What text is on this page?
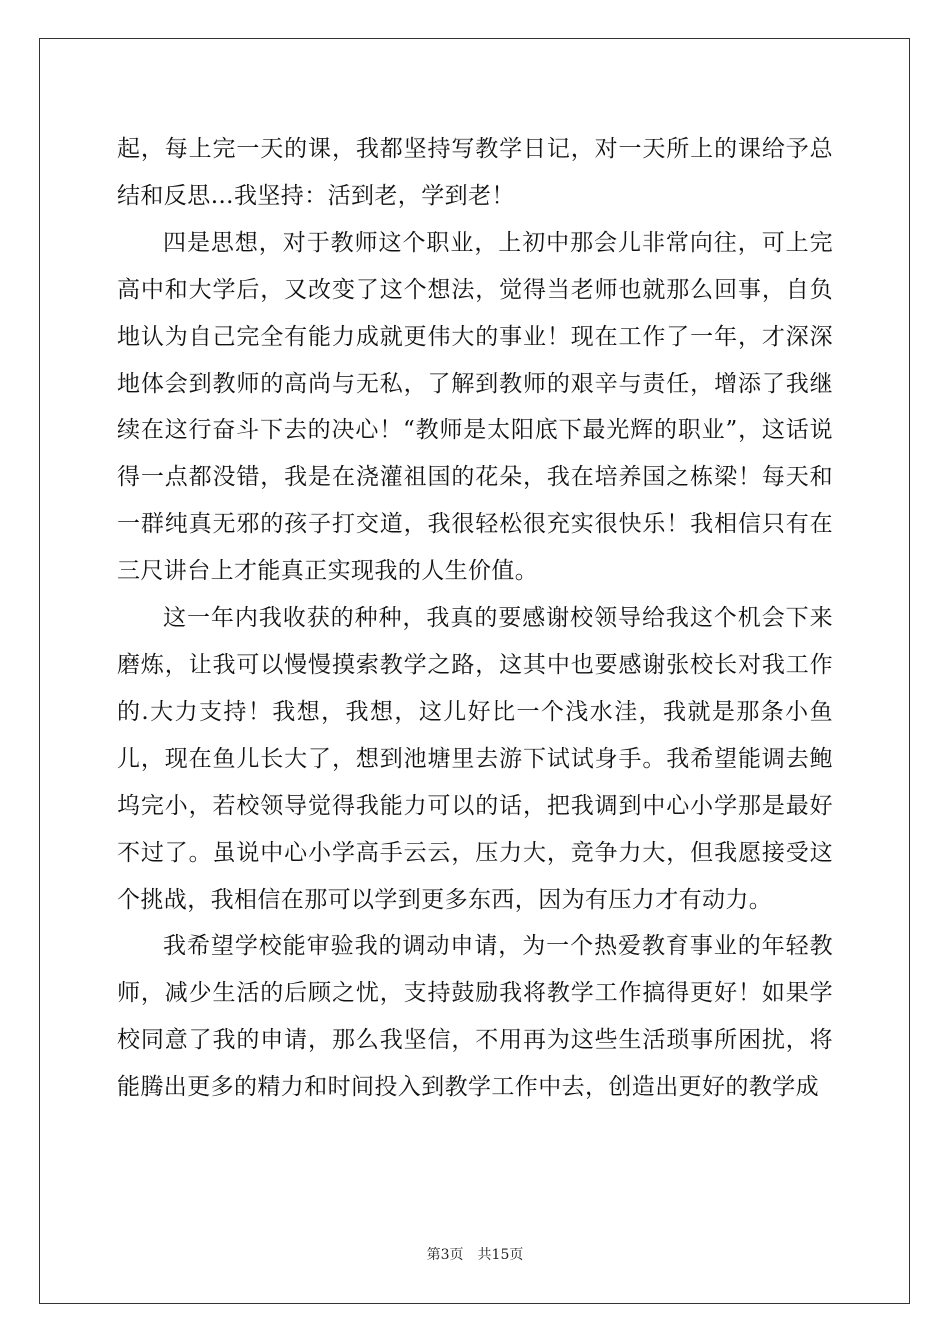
起，每上完一天的课，我都坚持写教学日记，对一天所上的课给予总结和反思…我坚持：活到老，学到老！

四是思想，对于教师这个职业，上初中那会儿非常向往，可上完高中和大学后，又改变了这个想法，觉得当老师也就那么回事，自负地认为自己完全有能力成就更伟大的事业！现在工作了一年，才深深地体会到教师的高尚与无私，了解到教师的艰辛与责任，增添了我继续在这行奋斗下去的决心！“教师是太阳底下最光辉的职业”，这话说得一点都没错，我是在浇灌祖国的花朵，我在培养国之栋梁！每天和一群纯真无邪的孩子打交道，我很轻松很充实很快乐！我相信只有在三尺讲台上才能真正实现我的人生价值。

这一年内我收获的种种，我真的要感谢校领导给我这个机会下来磨炼，让我可以慢慢摸索教学之路，这其中也要感谢张校长对我工作的.大力支持！我想，我想，这儿好比一个浅水洼，我就是那条小鱼儿，现在鱼儿长大了，想到池塘里去游下试试身手。我希望能调去鲍坞完小，若校领导觉得我能力可以的话，把我调到中心小学那是最好不过了。虽说中心小学高手云云，压力大，竞争力大，但我愿接受这个挑战，我相信在那可以学到更多东西，因为有压力才有动力。

我希望学校能审验我的调动申请，为一个热爱教育事业的年轻教师，减少生活的后顾之忧，支持鼓励我将教学工作搞得更好！如果学校同意了我的申请，那么我坚信，不用再为这些生活琐事所困扰，将能腾出更多的精力和时间投入到教学工作中去，创造出更好的教学成

第3页 共15页
